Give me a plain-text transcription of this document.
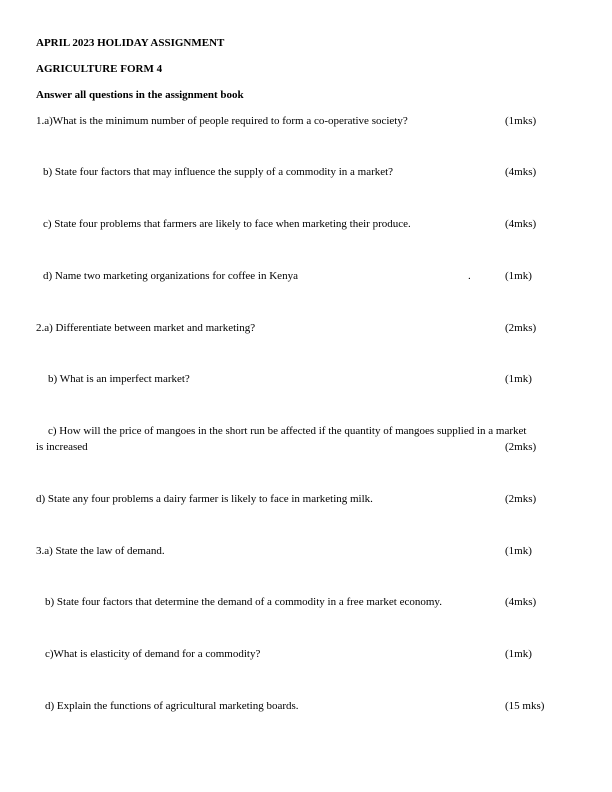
APRIL 2023 HOLIDAY ASSIGNMENT
AGRICULTURE FORM 4
Answer all questions in the assignment book
1.a)What is the minimum number of people required to form a co-operative society?	(1mks)
b) State four factors that may influence the supply of a commodity in a market?	(4mks)
c) State four problems that farmers are likely to face when marketing their produce.	(4mks)
d) Name two marketing organizations for coffee in Kenya	.	(1mk)
2.a) Differentiate between market and marketing?	(2mks)
b) What is an imperfect market?	(1mk)
c) How will the price of mangoes in the short run be affected if the quantity of mangoes supplied in a market
is increased	(2mks)
d) State any four problems a dairy farmer is likely to face in marketing milk.	(2mks)
3.a) State the law of demand.	(1mk)
b) State four factors that determine the demand of a commodity in a free market economy.	(4mks)
c)What is elasticity of demand for a commodity?	(1mk)
d) Explain the functions of agricultural marketing boards.	(15 mks)
